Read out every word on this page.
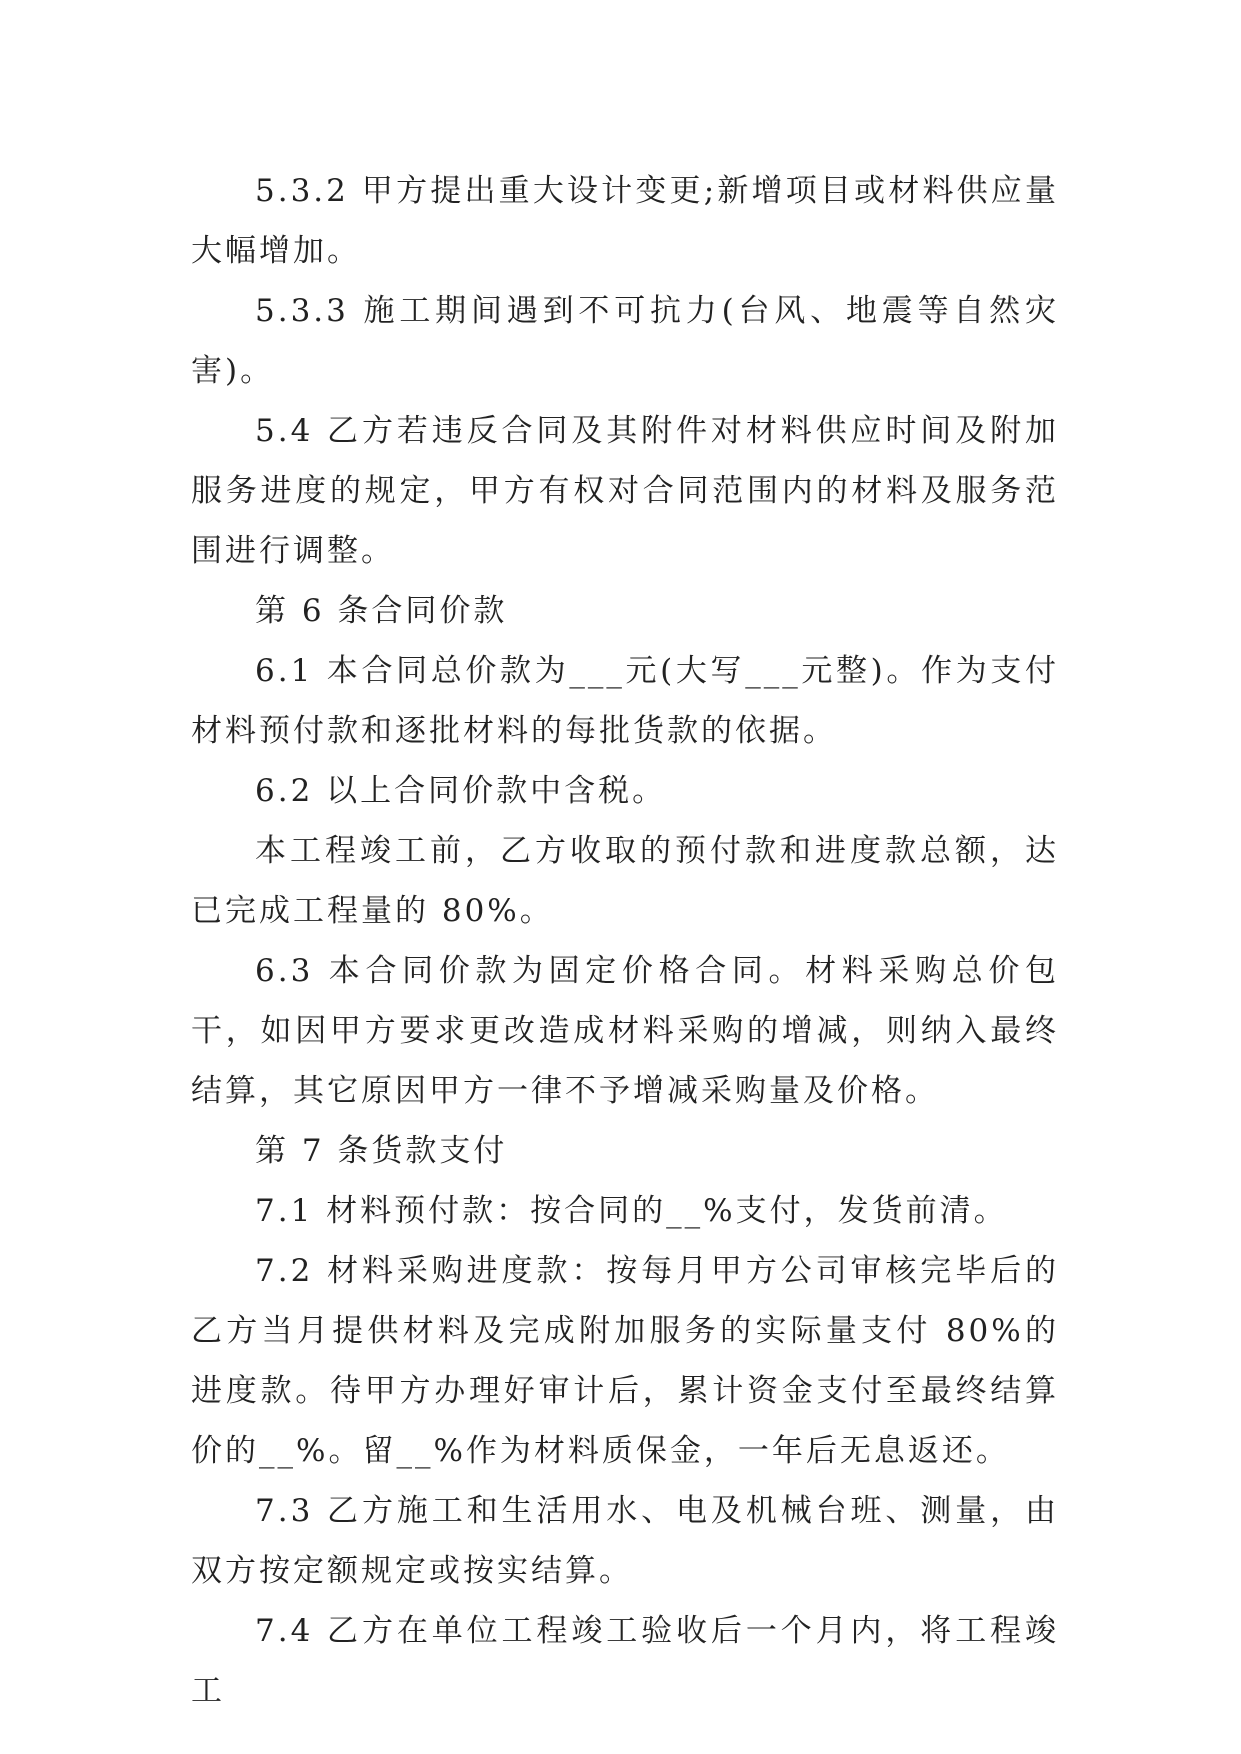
5.3.2 甲方提出重大设计变更;新增项目或材料供应量大幅增加。

5.3.3 施工期间遇到不可抗力(台风、地震等自然灾害)。

5.4 乙方若违反合同及其附件对材料供应时间及附加服务进度的规定，甲方有权对合同范围内的材料及服务范围进行调整。

第 6 条合同价款

6.1 本合同总价款为___元(大写___元整)。作为支付材料预付款和逐批材料的每批货款的依据。

6.2 以上合同价款中含税。

本工程竣工前，乙方收取的预付款和进度款总额，达已完成工程量的 80%。

6.3 本合同价款为固定价格合同。材料采购总价包干，如因甲方要求更改造成材料采购的增减，则纳入最终结算，其它原因甲方一律不予增减采购量及价格。

第 7 条货款支付

7.1 材料预付款：按合同的__%支付，发货前清。

7.2 材料采购进度款：按每月甲方公司审核完毕后的乙方当月提供材料及完成附加服务的实际量支付 80%的进度款。待甲方办理好审计后，累计资金支付至最终结算价的__%。留__%作为材料质保金，一年后无息返还。

7.3 乙方施工和生活用水、电及机械台班、测量，由双方按定额规定或按实结算。

7.4 乙方在单位工程竣工验收后一个月内，将工程竣工
